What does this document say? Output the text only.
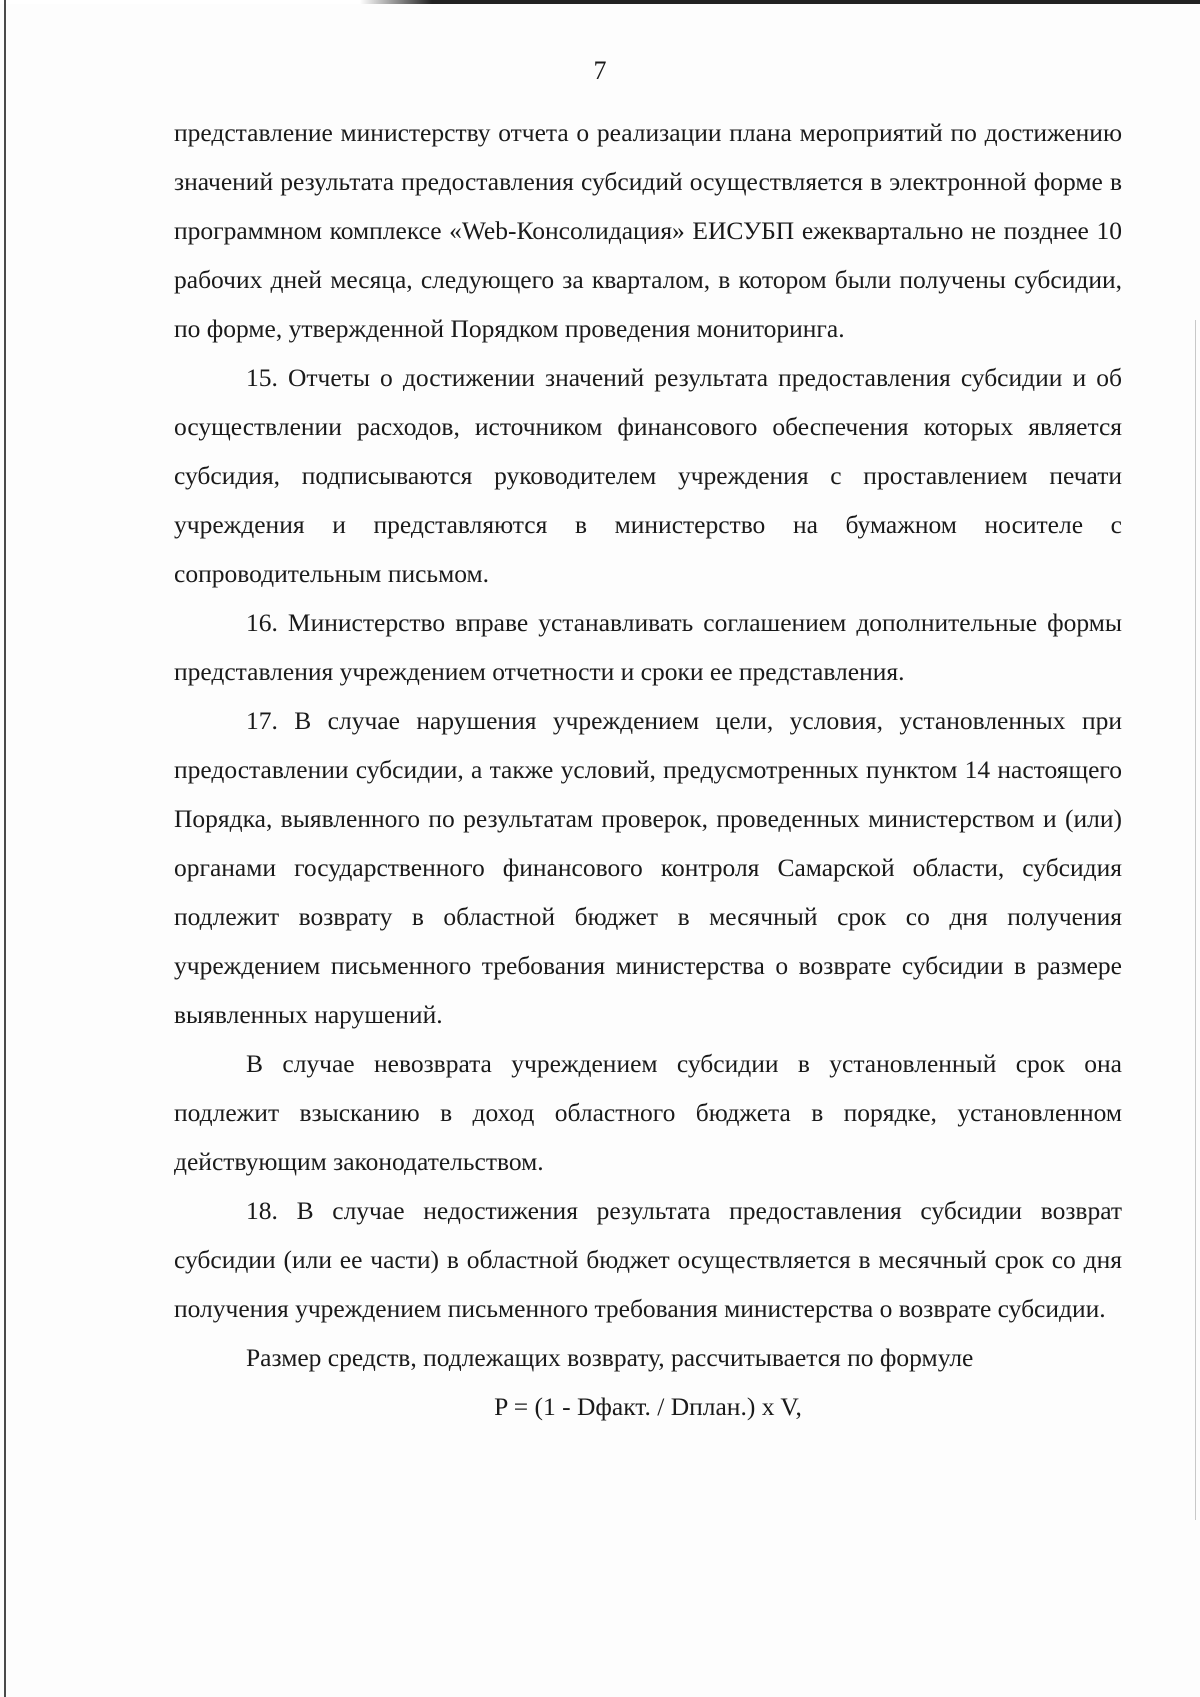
7

представление министерству отчета о реализации плана мероприятий по достижению значений результата предоставления субсидий осуществляется в электронной форме в программном комплексе «Web-Консолидация» ЕИСУБП ежеквартально не позднее 10 рабочих дней месяца, следующего за кварталом, в котором были получены субсидии, по форме, утвержденной Порядком проведения мониторинга.

15. Отчеты о достижении значений результата предоставления субсидии и об осуществлении расходов, источником финансового обеспечения которых является субсидия, подписываются руководителем учреждения с проставлением печати учреждения и представляются в министерство на бумажном носителе с сопроводительным письмом.

16. Министерство вправе устанавливать соглашением дополнительные формы представления учреждением отчетности и сроки ее представления.

17. В случае нарушения учреждением цели, условия, установленных при предоставлении субсидии, а также условий, предусмотренных пунктом 14 настоящего Порядка, выявленного по результатам проверок, проведенных министерством и (или) органами государственного финансового контроля Самарской области, субсидия подлежит возврату в областной бюджет в месячный срок со дня получения учреждением письменного требования министерства о возврате субсидии в размере выявленных нарушений.

В случае невозврата учреждением субсидии в установленный срок она подлежит взысканию в доход областного бюджета в порядке, установленном действующим законодательством.

18. В случае недостижения результата предоставления субсидии возврат субсидии (или ее части) в областной бюджет осуществляется в месячный срок со дня получения учреждением письменного требования министерства о возврате субсидии.

Размер средств, подлежащих возврату, рассчитывается по формуле

P = (1 - Dфакт. / Dплан.) x V,
